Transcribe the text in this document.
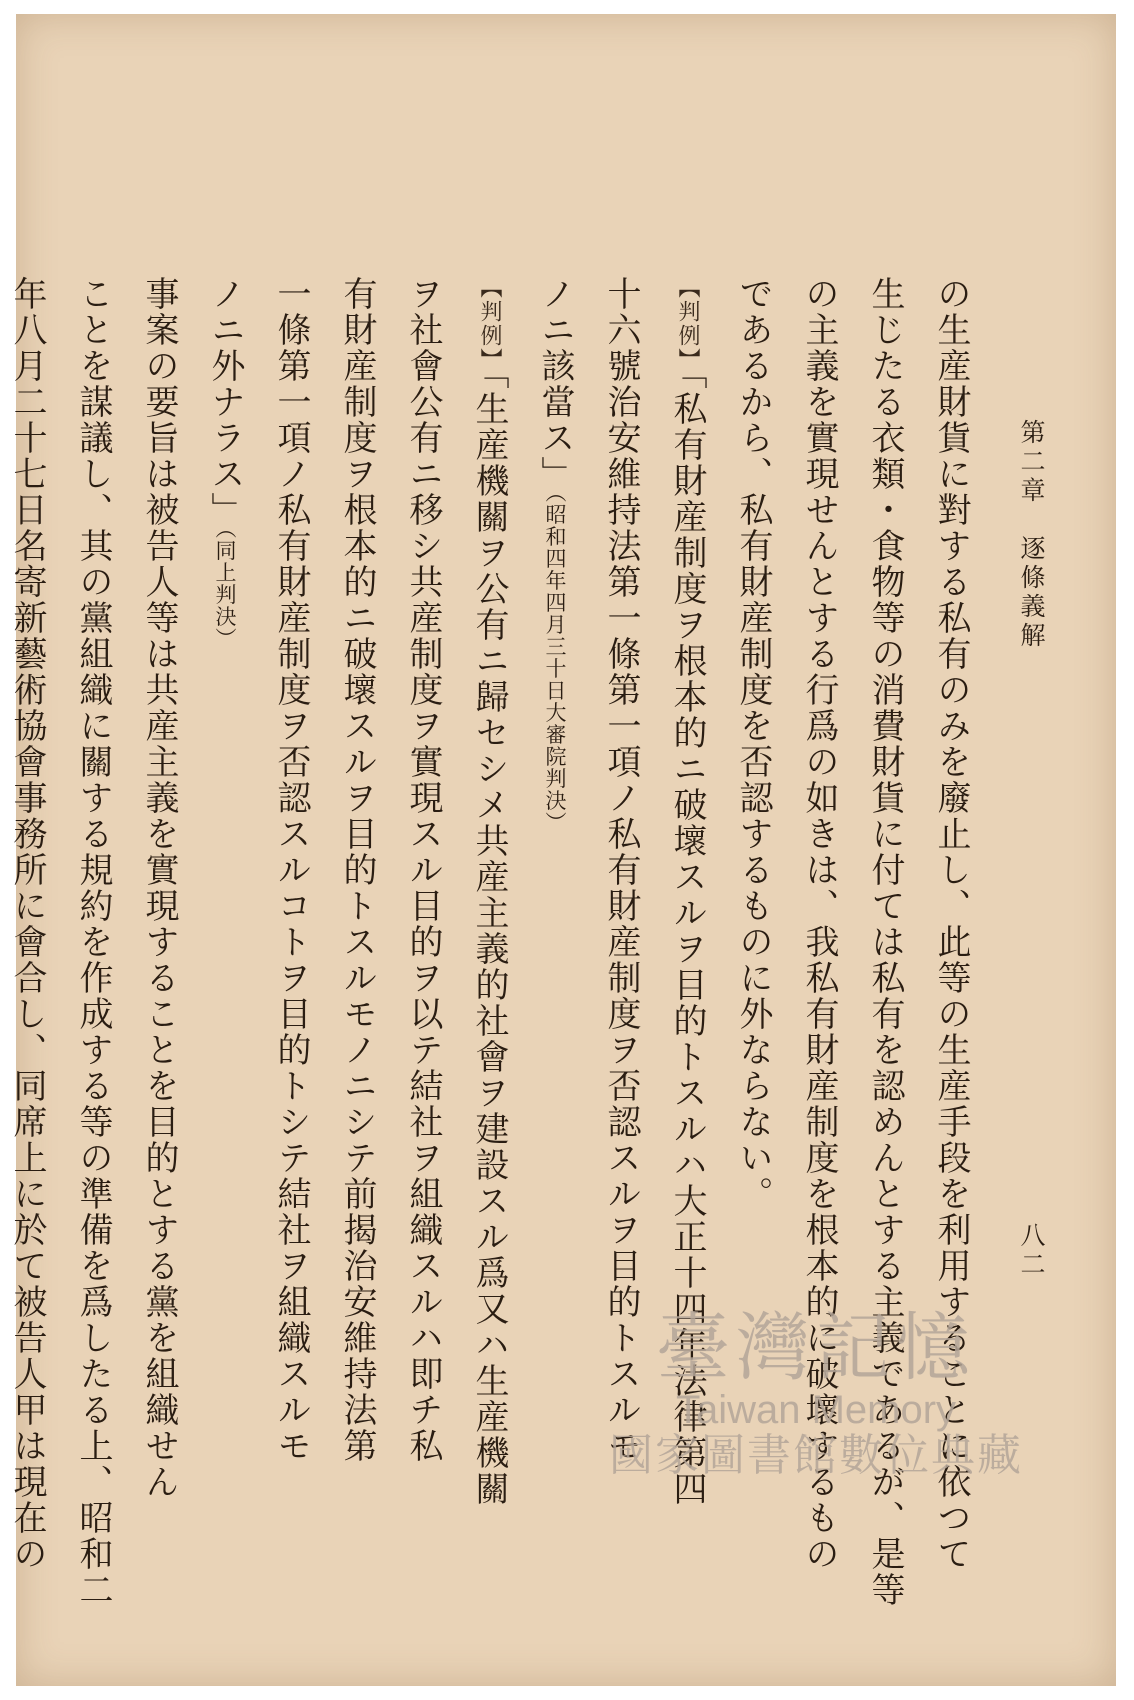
第二章　逐條義解
八二
の生産財貨に對する私有のみを廢止し、此等の生産手段を利用することに依つて
生じたる衣類・食物等の消費財貨に付ては私有を認めんとする主義であるが、是等
の主義を實現せんとする行爲の如きは、我私有財産制度を根本的に破壞するもの
であるから、私有財産制度を否認するものに外ならない。
【判例】「私有財産制度ヲ根本的ニ破壞スルヲ目的トスルハ大正十四年法律第四
十六號治安維持法第一條第一項ノ私有財産制度ヲ否認スルヲ目的トスルモ
ノニ該當ス」（昭和四年四月三十日大審院判決）
【判例】「生産機關ヲ公有ニ歸セシメ共産主義的社會ヲ建設スル爲又ハ生産機關
ヲ社會公有ニ移シ共産制度ヲ實現スル目的ヲ以テ結社ヲ組織スルハ即チ私
有財産制度ヲ根本的ニ破壞スルヲ目的トスルモノニシテ前揭治安維持法第
一條第一項ノ私有財産制度ヲ否認スルコトヲ目的トシテ結社ヲ組織スルモ
ノニ外ナラス」（同上判決）
事案の要旨は被告人等は共産主義を實現することを目的とする黨を組織せん
ことを謀議し、其の黨組織に關する規約を作成する等の準備を爲したる上、昭和二
年八月二十七日名寄新藝術協會事務所に會合し、同席上に於て被告人甲は現在の	臺灣記憶
Taiwan Memory
國家圖書館數位典藏
